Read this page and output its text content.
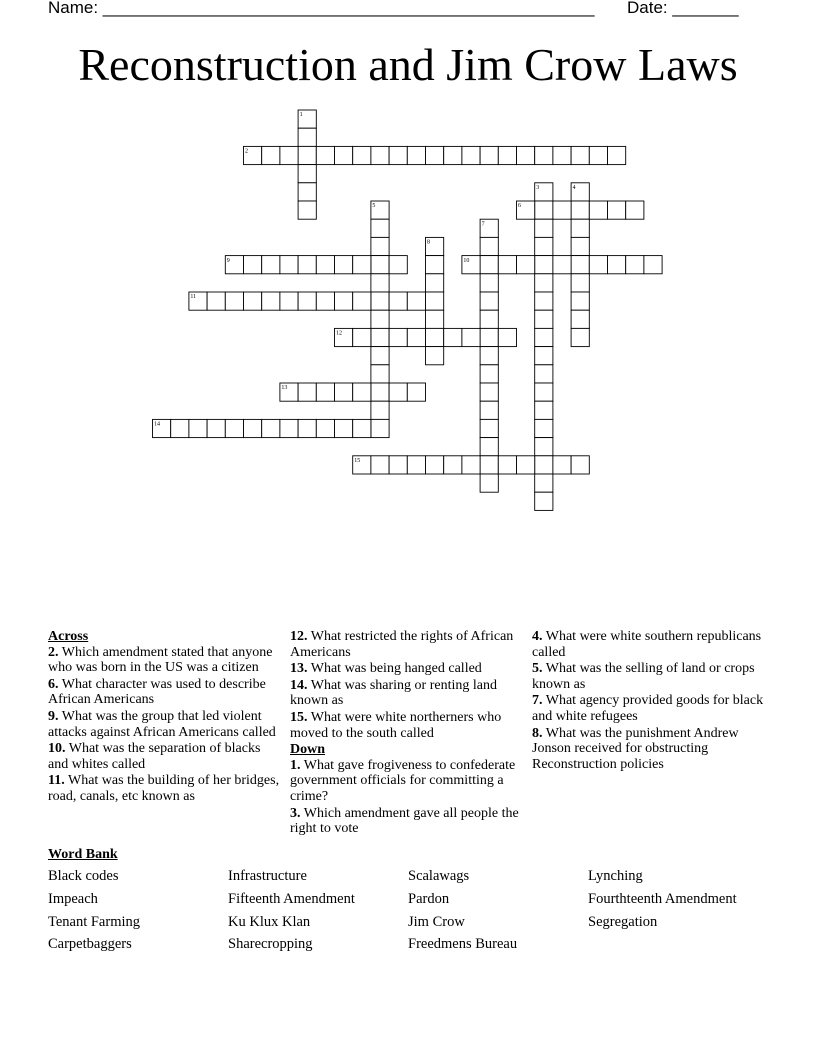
Name: ____________________________________________________ Date: _______
Reconstruction and Jim Crow Laws
1
2
3	4
5	6
7
8
9	10
11
12
13
14
15
Across
2. Which amendment stated that anyone who was born in the US was a citizen
6. What character was used to describe African Americans
9. What was the group that led violent attacks against African Americans called
10. What was the separation of blacks and whites called
11. What was the building of her bridges, road, canals, etc known as
12. What restricted the rights of African Americans
13. What was being hanged called
14. What was sharing or renting land known as
15. What were white northerners who moved to the south called
Down
1. What gave frogiveness to confederate government officials for committing a crime?
3. Which amendment gave all people the right to vote
4. What were white southern republicans called
5. What was the selling of land or crops known as
7. What agency provided goods for black and white refugees
8. What was the punishment Andrew Jonson received for obstructing Reconstruction policies
Word Bank
Black codes
Impeach
Tenant Farming
Carpetbaggers
Infrastructure
Fifteenth Amendment
Ku Klux Klan
Sharecropping
Scalawags
Pardon
Jim Crow
Freedmens Bureau
Lynching
Fourthteenth Amendment
Segregation
